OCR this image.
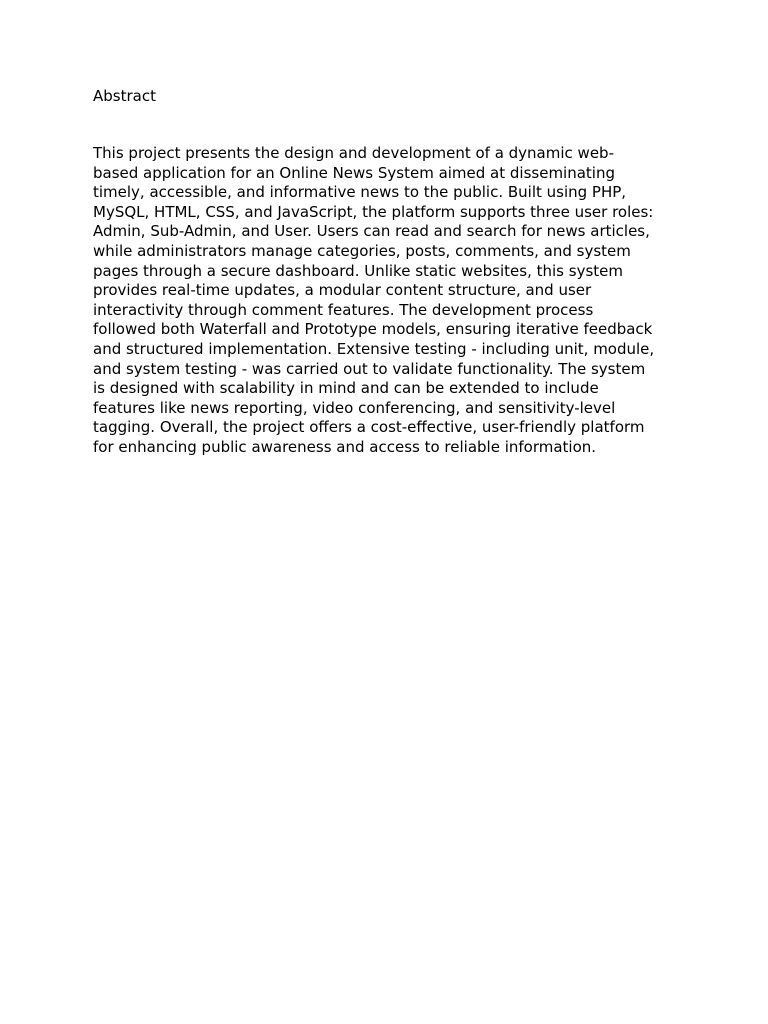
Abstract

This project presents the design and development of a dynamic web-
based application for an Online News System aimed at disseminating
timely, accessible, and informative news to the public. Built using PHP,
MySQL, HTML, CSS, and JavaScript, the platform supports three user roles:
Admin, Sub-Admin, and User. Users can read and search for news articles,
while administrators manage categories, posts, comments, and system
pages through a secure dashboard. Unlike static websites, this system
provides real-time updates, a modular content structure, and user
interactivity through comment features. The development process
followed both Waterfall and Prototype models, ensuring iterative feedback
and structured implementation. Extensive testing - including unit, module,
and system testing - was carried out to validate functionality. The system
is designed with scalability in mind and can be extended to include
features like news reporting, video conferencing, and sensitivity-level
tagging. Overall, the project offers a cost-effective, user-friendly platform
for enhancing public awareness and access to reliable information.
